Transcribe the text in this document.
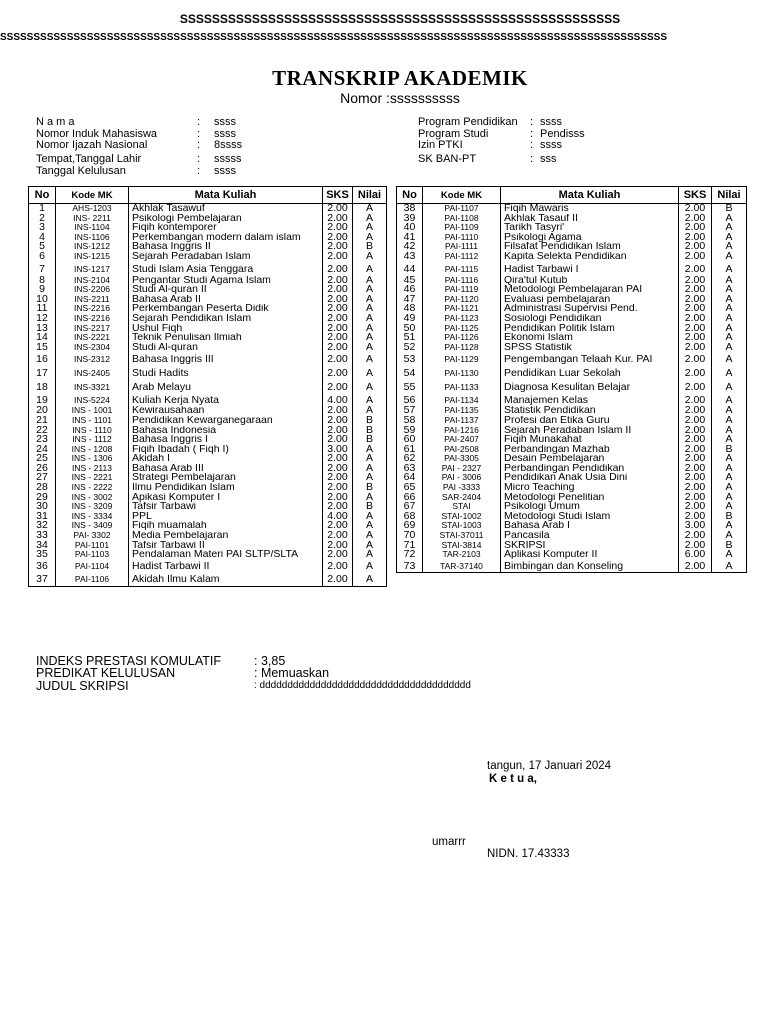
SSSSSSSSSSSSSSSSSSSSSSSSSSSSSSSSSSSSSSSSSSSSSSSSSSSSSSS
SSSSSSSSSSSSSSSSSSSSSSSSSSSSSSSSSSSSSSSSSSSSSSSSSSSSSSSSSSSSSSSSSSSSSSSSSSSSSSSSSSSSSSSSSSSSSSSSSSSS
TRANSKRIP AKADEMIK
Nomor :ssssssssss
N a m a	: ssss
Nomor Induk Mahasiswa	: ssss
Nomor Ijazah Nasional	: 8ssss
Tempat,Tanggal Lahir	: sssss
Tanggal Kelulusan	: ssss
Program Pendidikan : ssss
Program Studi	: Pendisss
Izin PTKI	: ssss
SK BAN-PT	: sss
No	Kode MK	Mata Kuliah	SKS	Nilai
1	AHS-1203	Akhlak Tasawuf	2.00	A
2	INS- 2211	Psikologi Pembelajaran	2.00	A
3	INS-1104	Fiqih kontemporer	2.00	A
4	INS-1106	Perkembangan modern dalam islam	2.00	A
5	INS-1212	Bahasa Inggris II	2.00	B
6	INS-1215	Sejarah Peradaban Islam	2.00	A
7	INS-1217	Studi Islam Asia Tenggara	2.00	A
8	INS-2104	Pengantar Studi Agama Islam	2.00	A
9	INS-2206	Studi Al-quran II	2.00	A
10	INS-2211	Bahasa Arab II	2.00	A
11	INS-2216	Perkembangan Peserta Didik	2.00	A
12	INS-2216	Sejarah Pendidikan Islam	2.00	A
13	INS-2217	Ushul Fiqh	2.00	A
14	INS-2221	Teknik Penulisan Ilmiah	2.00	A
15	INS-2304	Studi Al-quran	2.00	A
16	INS-2312	Bahasa Inggris III	2.00	A
17	INS-2405	Studi Hadits	2.00	A
18	INS-3321	Arab Melayu	2.00	A
19	INS-5224	Kuliah Kerja Nyata	4.00	A
20	INS - 1001	Kewirausahaan	2.00	A
21	INS - 1101	Pendidikan Kewarganegaraan	2.00	B
22	INS - 1110	Bahasa Indonesia	2.00	B
23	INS - 1112	Bahasa Inggris I	2.00	B
24	INS - 1208	Fiqih Ibadah ( Fiqh I)	3.00	A
25	INS - 1306	Akidah I	2.00	A
26	INS - 2113	Bahasa Arab III	2.00	A
27	INS - 2221	Strategi Pembelajaran	2.00	A
28	INS - 2222	Ilmu Pendidikan Islam	2.00	B
29	INS - 3002	Apikasi Komputer I	2.00	A
30	INS - 3209	Tafsir Tarbawi	2.00	B
31	INS - 3334	PPL	4.00	A
32	INS - 3409	Fiqih muamalah	2.00	A
33	PAI- 3302	Media Pembelajaran	2.00	A
34	PAI-1101	Tafsir Tarbawi II	2.00	A
35	PAI-1103	Pendalaman Materi PAI SLTP/SLTA	2.00	A
36	PAI-1104	Hadist Tarbawi II	2.00	A
37	PAI-1106	Akidah Ilmu Kalam	2.00	A
No	Kode MK	Mata Kuliah	SKS	Nilai
38	PAI-1107	Fiqih Mawaris	2.00	B
39	PAI-1108	Akhlak Tasauf II	2.00	A
40	PAI-1109	Tarikh Tasyri'	2.00	A
41	PAI-1110	Psikologi Agama	2.00	A
42	PAI-1111	Filsafat Pendidikan Islam	2.00	A
43	PAI-1112	Kapita Selekta Pendidikan	2.00	A
44	PAI-1115	Hadist Tarbawi I	2.00	A
45	PAI-1116	Qira'tul Kutub	2.00	A
46	PAI-1119	Metodologi Pembelajaran PAI	2.00	A
47	PAI-1120	Evaluasi pembelajaran	2.00	A
48	PAI-1121	Administrasi Supervisi Pend.	2.00	A
49	PAI-1123	Sosiologi Pendidikan	2.00	A
50	PAI-1125	Pendidikan Politik Islam	2.00	A
51	PAI-1126	Ekonomi Islam	2.00	A
52	PAI-1128	SPSS Statistik	2.00	A
53	PAI-1129	Pengembangan Telaah Kur. PAI	2.00	A
54	PAI-1130	Pendidikan Luar Sekolah	2.00	A
55	PAI-1133	Diagnosa Kesulitan Belajar	2.00	A
56	PAI-1134	Manajemen Kelas	2.00	A
57	PAI-1135	Statistik Pendidikan	2.00	A
58	PAI-1137	Profesi dan Etika Guru	2.00	A
59	PAI-1216	Sejarah Peradaban Islam II	2.00	A
60	PAI-2407	Fiqih Munakahat	2.00	A
61	PAI-2508	Perbandingan Mazhab	2.00	B
62	PAI-3305	Desain Pembelajaran	2.00	A
63	PAI - 2327	Perbandingan Pendidikan	2.00	A
64	PAI - 3006	Pendidikan Anak Usia Dini	2.00	A
65	PAI -3333	Micro Teaching	2.00	A
66	SAR-2404	Metodologi Penelitian	2.00	A
67	STAI	Psikologi Umum	2.00	A
68	STAI-1002	Metodologi Studi Islam	2.00	B
69	STAI-1003	Bahasa Arab I	3.00	A
70	STAI-37011	Pancasila	2.00	A
71	STAI-3814	SKRIPSI	2.00	B
72	TAR-2103	Aplikasi Komputer II	6.00	A
73	TAR-37140	Bimbingan dan Konseling	2.00	A
INDEKS PRESTASI KOMULATIF	: 3,85
PREDIKAT KELULUSAN	: Memuaskan
JUDUL SKRIPSI	: dddddddddddddddddddddddddddddddddddddd
tangun, 17 Januari 2024
K e t u a,
umarrr
NIDN. 17.43333
